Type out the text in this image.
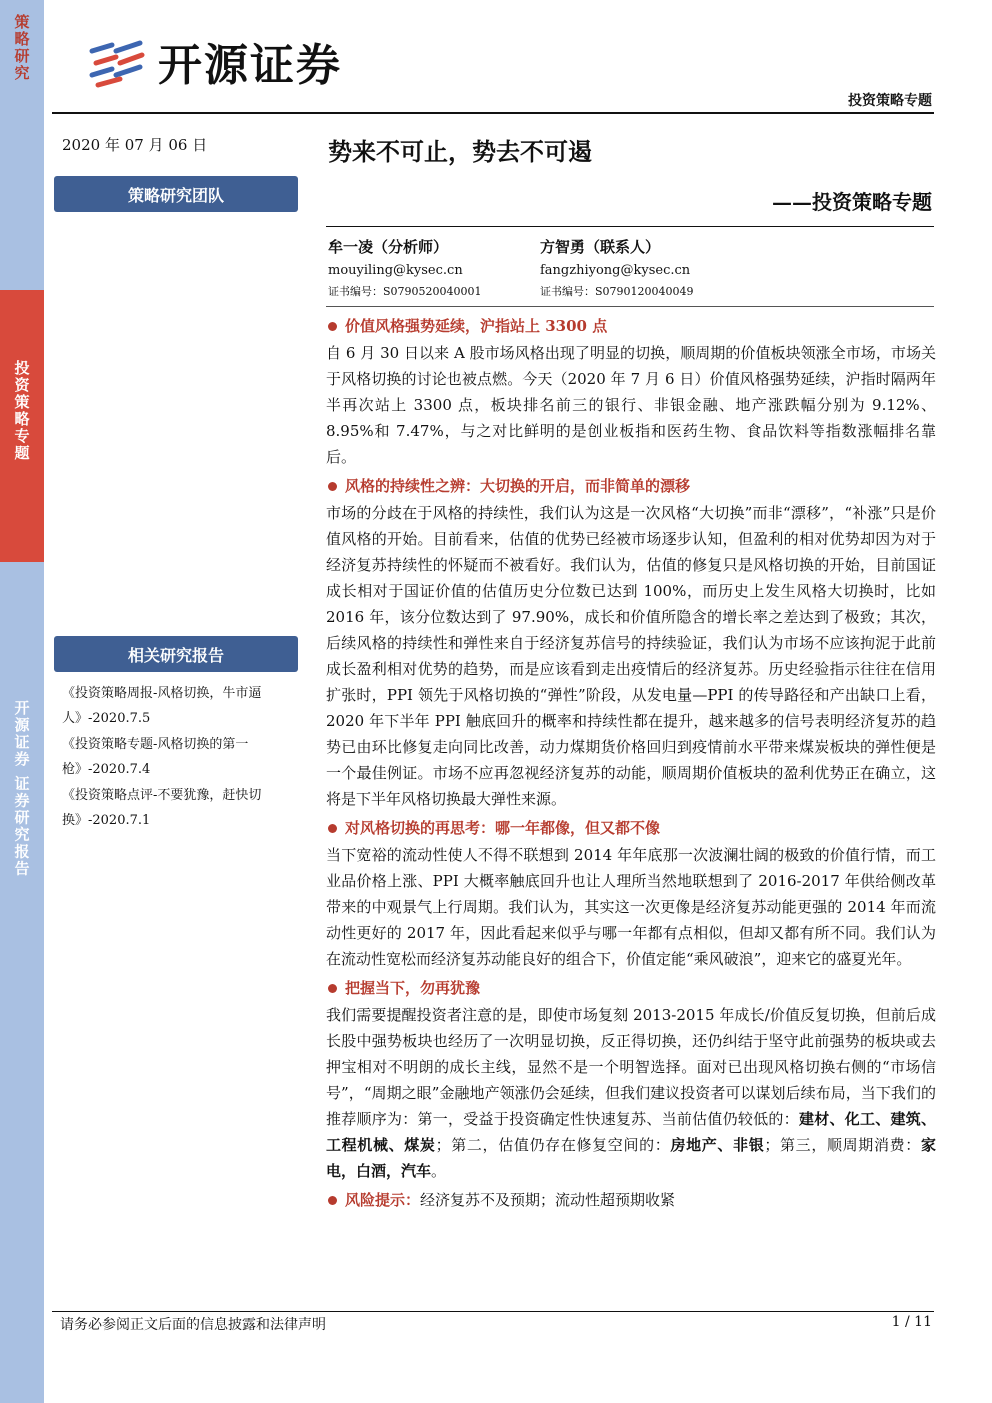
策略研究
投资策略专题
开源证券 证券研究报告
开源证券
投资策略专题
2020 年 07 月 06 日
策略研究团队
相关研究报告
《投资策略周报-风格切换，牛市逼人》-2020.7.5
《投资策略专题-风格切换的第一枪》-2020.7.4
《投资策略点评-不要犹豫，赶快切换》-2020.7.1
势来不可止，势去不可遏
——投资策略专题
牟一凌（分析师）
mouyiling@kysec.cn
证书编号：S0790520040001
方智勇（联系人）
fangzhiyong@kysec.cn
证书编号：S0790120040049
价值风格强势延续，沪指站上 3300 点

自 6 月 30 日以来 A 股市场风格出现了明显的切换，顺周期的价值板块领涨全市场，市场关于风格切换的讨论也被点燃。今天（2020 年 7 月 6 日）价值风格强势延续，沪指时隔两年半再次站上 3300 点，板块排名前三的银行、非银金融、地产涨跌幅分别为 9.12%、8.95%和 7.47%，与之对比鲜明的是创业板指和医药生物、食品饮料等指数涨幅排名靠后。

风格的持续性之辨：大切换的开启，而非简单的漂移

市场的分歧在于风格的持续性，我们认为这是一次风格“大切换”而非“漂移”，“补涨”只是价值风格的开始。目前看来，估值的优势已经被市场逐步认知，但盈利的相对优势却因为对于经济复苏持续性的怀疑而不被看好。我们认为，估值的修复只是风格切换的开始，目前国证成长相对于国证价值的估值历史分位数已达到 100%，而历史上发生风格大切换时，比如 2016 年，该分位数达到了 97.90%，成长和价值所隐含的增长率之差达到了极致；其次，后续风格的持续性和弹性来自于经济复苏信号的持续验证，我们认为市场不应该拘泥于此前成长盈利相对优势的趋势，而是应该看到走出疫情后的经济复苏。历史经验指示往往在信用扩张时，PPI 领先于风格切换的“弹性”阶段，从发电量—PPI 的传导路径和产出缺口上看，2020 年下半年 PPI 触底回升的概率和持续性都在提升，越来越多的信号表明经济复苏的趋势已由环比修复走向同比改善，动力煤期货价格回归到疫情前水平带来煤炭板块的弹性便是一个最佳例证。市场不应再忽视经济复苏的动能，顺周期价值板块的盈利优势正在确立，这将是下半年风格切换最大弹性来源。

对风格切换的再思考：哪一年都像，但又都不像

当下宽裕的流动性使人不得不联想到 2014 年年底那一次波澜壮阔的极致的价值行情，而工业品价格上涨、PPI 大概率触底回升也让人理所当然地联想到了 2016-2017 年供给侧改革带来的中观景气上行周期。我们认为，其实这一次更像是经济复苏动能更强的 2014 年而流动性更好的 2017 年，因此看起来似乎与哪一年都有点相似，但却又都有所不同。我们认为在流动性宽松而经济复苏动能良好的组合下，价值定能“乘风破浪”，迎来它的盛夏光年。

把握当下，勿再犹豫

我们需要提醒投资者注意的是，即使市场复刻 2013-2015 年成长/价值反复切换，但前后成长股中强势板块也经历了一次明显切换，反正得切换，还仍纠结于坚守此前强势的板块或去押宝相对不明朗的成长主线，显然不是一个明智选择。面对已出现风格切换右侧的“市场信号”，“周期之眼”金融地产领涨仍会延续，但我们建议投资者可以谋划后续布局，当下我们的推荐顺序为：第一，受益于投资确定性快速复苏、当前估值仍较低的：建材、化工、建筑、工程机械、煤炭；第二，估值仍存在修复空间的：房地产、非银；第三，顺周期消费：家电，白酒，汽车。

风险提示：经济复苏不及预期；流动性超预期收紧
请务必参阅正文后面的信息披露和法律声明	1 / 11
